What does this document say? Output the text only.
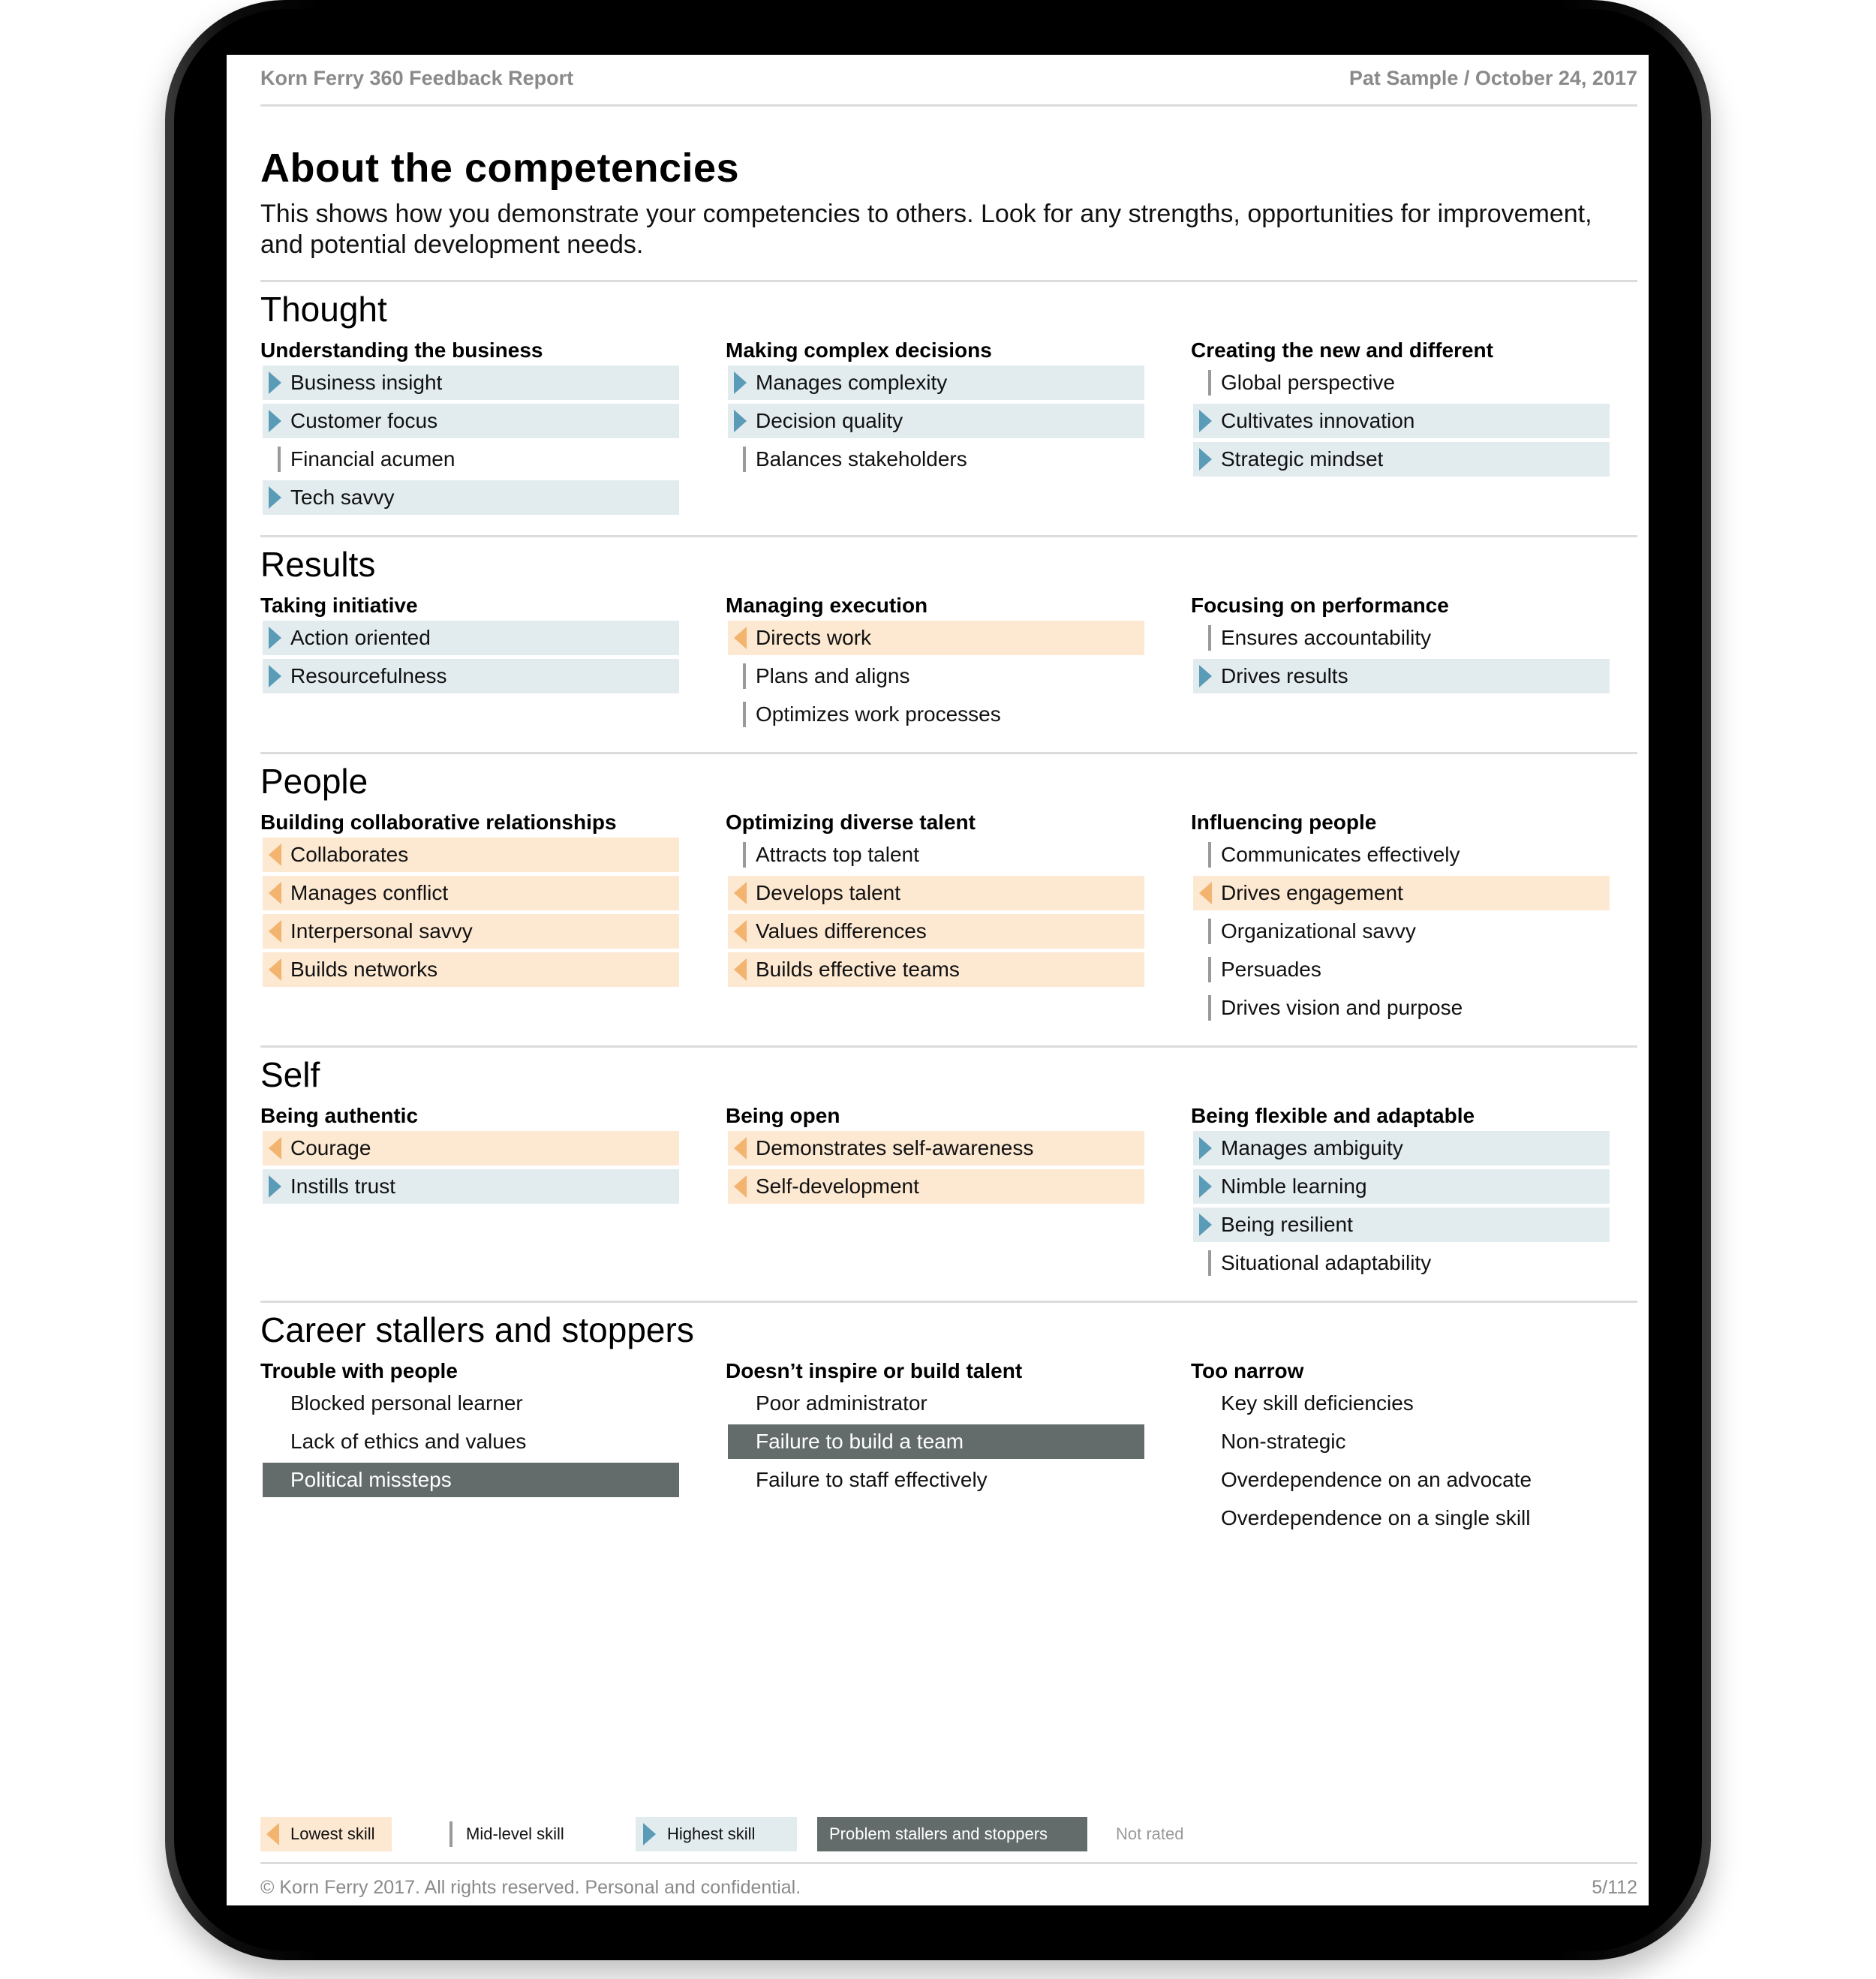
Korn Ferry 360 Feedback Report	Pat Sample / October 24, 2017
About the competencies
This shows how you demonstrate your competencies to others. Look for any strengths, opportunities for improvement, and potential development needs.
Thought
Understanding the business
Business insight
Customer focus
Financial acumen
Tech savvy
Making complex decisions
Manages complexity
Decision quality
Balances stakeholders
Creating the new and different
Global perspective
Cultivates innovation
Strategic mindset
Results
Taking initiative
Action oriented
Resourcefulness
Managing execution
Directs work
Plans and aligns
Optimizes work processes
Focusing on performance
Ensures accountability
Drives results
People
Building collaborative relationships
Collaborates
Manages conflict
Interpersonal savvy
Builds networks
Optimizing diverse talent
Attracts top talent
Develops talent
Values differences
Builds effective teams
Influencing people
Communicates effectively
Drives engagement
Organizational savvy
Persuades
Drives vision and purpose
Self
Being authentic
Courage
Instills trust
Being open
Demonstrates self-awareness
Self-development
Being flexible and adaptable
Manages ambiguity
Nimble learning
Being resilient
Situational adaptability
Career stallers and stoppers
Trouble with people
Blocked personal learner
Lack of ethics and values
Political missteps
Doesn’t inspire or build talent
Poor administrator
Failure to build a team
Failure to staff effectively
Too narrow
Key skill deficiencies
Non-strategic
Overdependence on an advocate
Overdependence on a single skill
Lowest skill	Mid-level skill	Highest skill	Problem stallers and stoppers	Not rated
© Korn Ferry 2017. All rights reserved. Personal and confidential.	5/112
